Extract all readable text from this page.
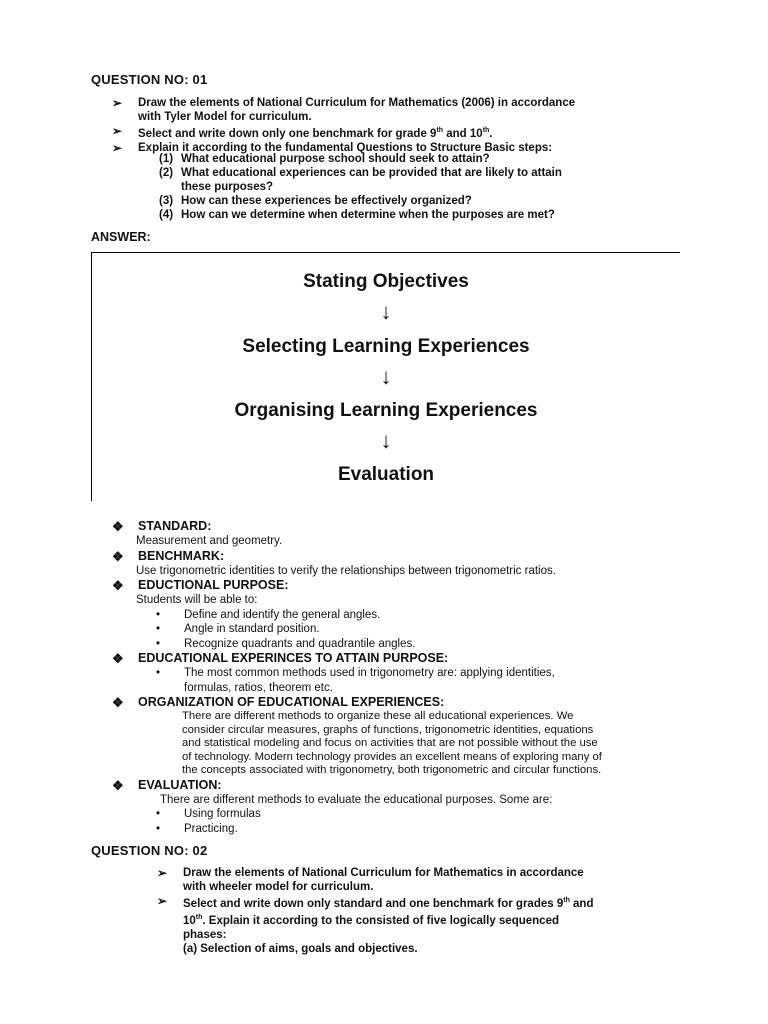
QUESTION NO: 01
➢	Draw the elements of National Curriculum for Mathematics (2006) in accordance
with Tyler Model for curriculum.
➢	Select and write down only one benchmark for grade 9th and 10th.
➢	Explain it according to the fundamental Questions to Structure Basic steps:
(1) What educational purpose school should seek to attain?
(2) What educational experiences can be provided that are likely to attain
these purposes?
(3) How can these experiences be effectively organized?
(4) How can we determine when determine when the purposes are met?
ANSWER:
Stating Objectives
↓
Selecting Learning Experiences
↓
Organising Learning Experiences
↓
Evaluation
❖	STANDARD:
Measurement and geometry.
❖	BENCHMARK:
Use trigonometric identities to verify the relationships between trigonometric ratios.
❖	EDUCTIONAL PURPOSE:
Students will be able to:
•	Define and identify the general angles.
•	Angle in standard position.
•	Recognize quadrants and quadrantile angles.
❖	EDUCATIONAL EXPERINCES TO ATTAIN PURPOSE:
•	The most common methods used in trigonometry are: applying identities,
formulas, ratios, theorem etc.
❖	ORGANIZATION OF EDUCATIONAL EXPERIENCES:
There are different methods to organize these all educational experiences. We
consider circular measures, graphs of functions, trigonometric identities, equations
and statistical modeling and focus on activities that are not possible without the use
of technology. Modern technology provides an excellent means of exploring many of
the concepts associated with trigonometry, both trigonometric and circular functions.
❖	EVALUATION:
There are different methods to evaluate the educational purposes. Some are:
•	Using formulas
•	Practicing.
QUESTION NO: 02
➢	Draw the elements of National Curriculum for Mathematics in accordance
with wheeler model for curriculum.
➢	Select and write down only standard and one benchmark for grades 9th and
10th. Explain it according to the consisted of five logically sequenced
phases:
(a) Selection of aims, goals and objectives.
